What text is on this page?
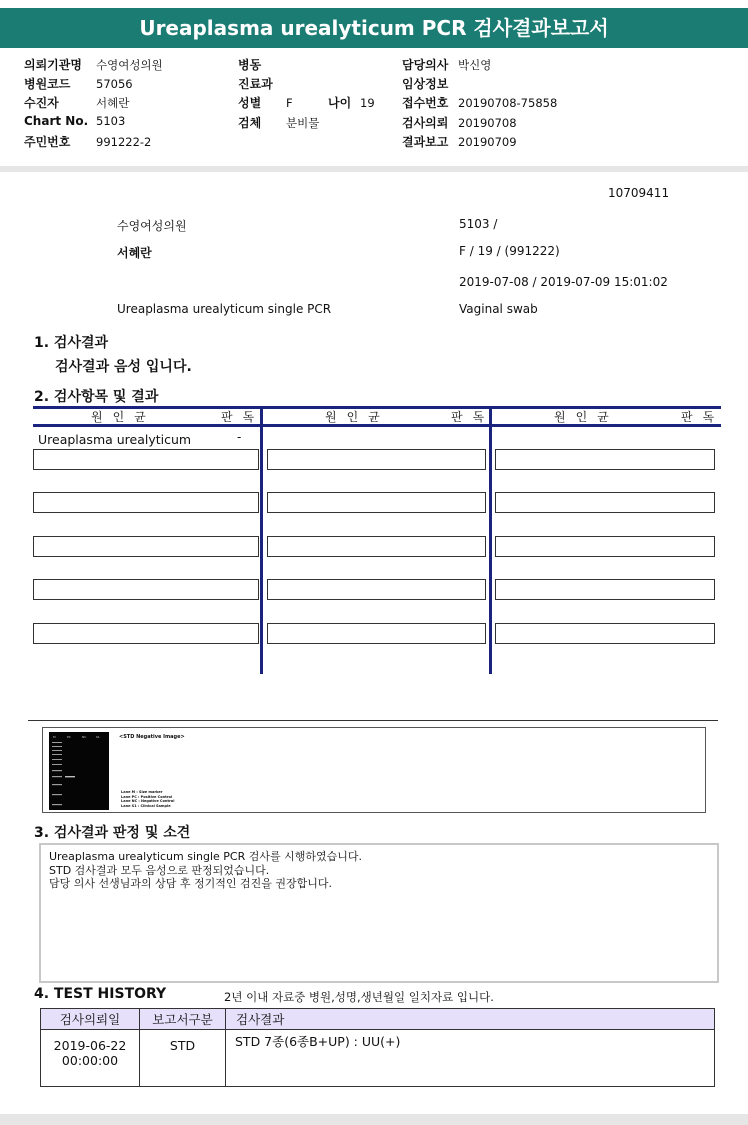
Ureaplasma urealyticum PCR 검사결과보고서
의뢰기관명 수영여성의원
병원코드 57056
수진자	서혜란
Chart No. 5103
주민번호 991222-2
병동
진료과
성별 F	나이 19
검체 분비물
담당의사 박신영
임상정보
접수번호 20190708-75858
검사의뢰 20190708
결과보고 20190709
10709411
수영여성의원	5103 /
서혜란	F / 19 / (991222)
2019-07-08 / 2019-07-09 15:01:02
Ureaplasma urealyticum single PCR	Vaginal swab
1. 검사결과
검사결과 음성 입니다.
2. 검사항목 및 결과
원인균	판독	원인균	판독	원인균	판독
Ureaplasma urealyticum	-
M	PC	NC	S1	<STD Negative Image>
Lane M : Size marker
Lane PC : Positive Control
Lane NC : Negative Control
Lane S1 : Clinical Sample
3. 검사결과 판정 및 소견
Ureaplasma urealyticum single PCR 검사를 시행하였습니다.
STD 검사결과 모두 음성으로 판정되었습니다.
담당 의사 선생님과의 상담 후 정기적인 검진을 권장합니다.
4. TEST HISTORY	2년 이내 자료중 병원,성명,생년월일 일치자료 입니다.
검사의뢰일	보고서구분	검사결과

2019-06-22
00:00:00	STD	STD 7종(6종B+UP) : UU(+)
